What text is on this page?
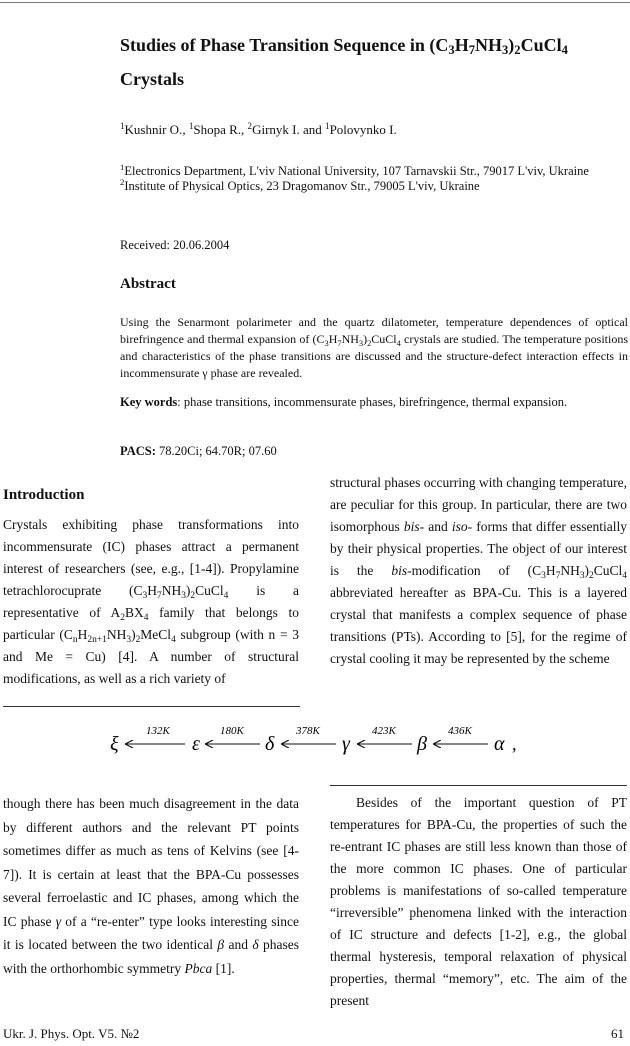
Studies of Phase Transition Sequence in $(C_3H_7NH_3)_2CuCl_4$
Crystals
$^1$Kushnir O., $^1$Shopa R., $^2$Girnyk I. and $^1$Polovynko I.
$^1$Electronics Department, L'viv National University, 107 Tarnavskii Str., 79017 L'viv, Ukraine
$^2$Institute of Physical Optics, 23 Dragomanov Str., 79005 L'viv, Ukraine
Received: 20.06.2004
Abstract
Using the Senarmont polarimeter and the quartz dilatometer, temperature dependences of optical birefringence and thermal expansion of $(C_3H_7NH_3)_2CuCl_4$ crystals are studied. The temperature positions and characteristics of the phase transitions are discussed and the structure-defect interaction effects in incommensurate γ phase are revealed.
Key words: phase transitions, incommensurate phases, birefringence, thermal expansion.
PACS: 78.20Ci; 64.70R; 07.60
Introduction
Crystals exhibiting phase transformations into incommensurate (IC) phases attract a permanent interest of researchers (see, e.g., [1-4]). Propylamine tetrachlorocuprate $(C_3H_7NH_3)_2CuCl_4$ is a representative of $A_2BX_4$ family that belongs to particular $(C_nH_{2n+1}NH_3)_2MeCl_4$ subgroup (with n = 3 and Me = Cu) [4]. A number of structural modifications, as well as a rich variety of
structural phases occurring with changing temperature, are peculiar for this group. In particular, there are two isomorphous bis- and iso- forms that differ essentially by their physical properties. The object of our interest is the bis-modification of $(C_3H_7NH_3)_2CuCl_4$ abbreviated hereafter as BPA-Cu. This is a layered crystal that manifests a complex sequence of phase transitions (PTs). According to [5], for the regime of crystal cooling it may be represented by the scheme
ξ
132K
ε
180K
δ
378K
γ
423K
β
436K
α ,
though there has been much disagreement in the data by different authors and the relevant PT points sometimes differ as much as tens of Kelvins (see [4-7]). It is certain at least that the BPA-Cu possesses several ferroelastic and IC phases, among which the IC phase γ of a “re-enter” type looks interesting since it is located between the two identical β and δ phases with the orthorhombic symmetry Pbca [1].
Besides of the important question of PT temperatures for BPA-Cu, the properties of such the re-entrant IC phases are still less known than those of the more common IC phases. One of particular problems is manifestations of so-called temperature “irreversible” phenomena linked with the interaction of IC structure and defects [1-2], e.g., the global thermal hysteresis, temporal relaxation of physical properties, thermal “memory”, etc. The aim of the present
Ukr. J. Phys. Opt. V5. №2	61
